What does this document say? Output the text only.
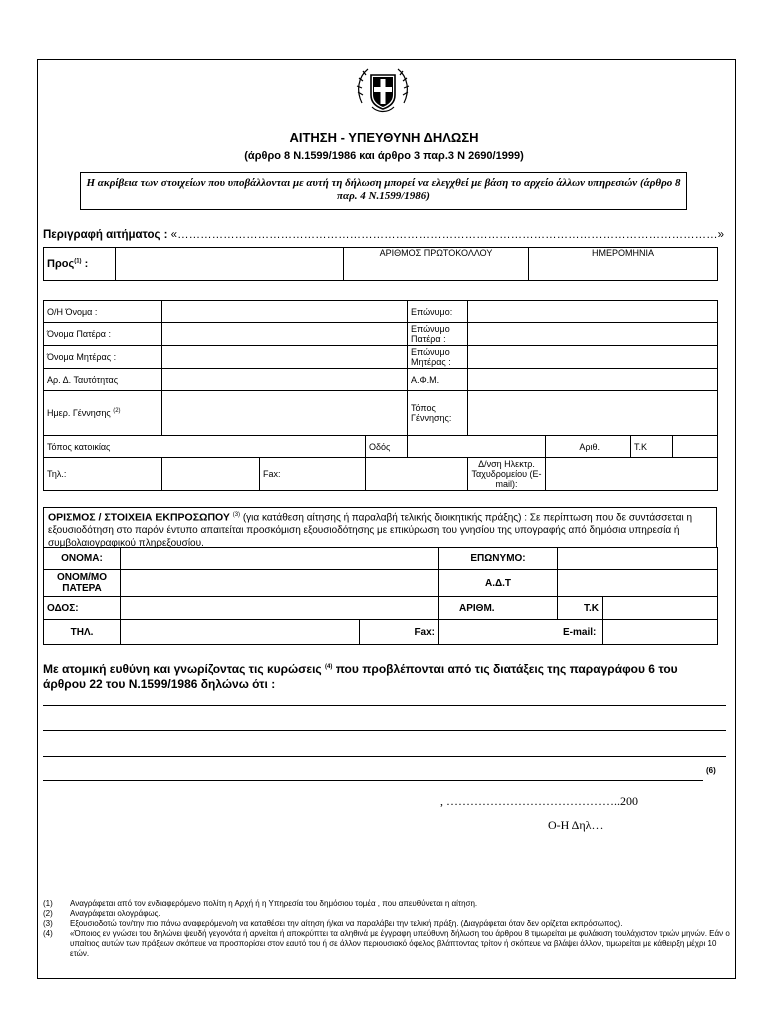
ΑΙΤΗΣΗ - ΥΠΕΥΘΥΝΗ ΔΗΛΩΣΗ
(άρθρο 8 Ν.1599/1986 και άρθρο 3 παρ.3 Ν 2690/1999)
Η ακρίβεια των στοιχείων που υποβάλλονται με αυτή τη δήλωση μπορεί να ελεγχθεί με βάση το αρχείο άλλων υπηρεσιών (άρθρο 8 παρ. 4 Ν.1599/1986)
Περιγραφή αιτήματος : «……………………………………………………………………………………………………………………………»
Προς$^{(1)}$ :		ΑΡΙΘΜΟΣ ΠΡΩΤΟΚΟΛΛΟΥ	ΗΜΕΡΟΜΗΝΙΑ
Ο/Η Όνομα :				Επώνυμο:				
Όνομα Πατέρα :				Επώνυμο Πατέρα :				
Όνομα Μητέρας :				Επώνυμο Μητέρας :				
Αρ. Δ. Ταυτότητας				Α.Φ.Μ.				
Ημερ. Γέννησης $^{(2)}$				Τόπος Γέννησης:				
Τόπος κατοικίας			Οδός			Αριθ.	Τ.Κ	
Τηλ.:		Fax:			Δ/νση Ηλεκτρ. Ταχυδρομείου (E-mail):			
ΟΡΙΣΜΟΣ / ΣΤΟΙΧΕΙΑ ΕΚΠΡΟΣΩΠΟΥ $^{(3)}$ (για κατάθεση αίτησης ή παραλαβή τελικής διοικητικής πράξης) : Σε περίπτωση που δε συντάσσεται η εξουσιοδότηση στο παρόν έντυπο απαιτείται προσκόμιση εξουσιοδότησης με επικύρωση του γνησίου της υπογραφής από δημόσια υπηρεσία ή συμβολαιογραφικού πληρεξουσίου.
ΟΝΟΜΑ:			ΕΠΩΝΥΜΟ:		
ΟΝΟΜ/ΜΟ ΠΑΤΕΡΑ			Α.Δ.Τ		
ΟΔΟΣ:			ΑΡΙΘΜ.	Τ.Κ	
ΤΗΛ.		Fax:			E-mail:
Με ατομική ευθύνη και γνωρίζοντας τις κυρώσεις $^{(4)}$ που προβλέπονται από τις διατάξεις της παραγράφου 6 του άρθρου 22 του Ν.1599/1986 δηλώνω ότι :
(6)
, ……………………………………..200
Ο-Η Δηλ…
(1)	Αναγράφεται από τον ενδιαφερόμενο πολίτη η Αρχή ή η Υπηρεσία του δημόσιου τομέα , που απευθύνεται η αίτηση.
(2)	Αναγράφεται ολογράφως.
(3)	Εξουσιοδοτώ τον/την πιο πάνω αναφερόμενο/η να καταθέσει την αίτηση ή/και να παραλάβει την τελική πράξη. (Διαγράφεται όταν δεν ορίζεται εκπρόσωπος).
(4)	«Όποιος εν γνώσει του δηλώνει ψευδή γεγονότα ή αρνείται ή αποκρύπτει τα αληθινά με έγγραφη υπεύθυνη δήλωση του άρθρου 8 τιμωρείται με φυλάκιση τουλάχιστον τριών μηνών. Εάν ο υπαίτιος αυτών των πράξεων σκόπευε να προσπορίσει στον εαυτό του ή σε άλλον περιουσιακό όφελος βλάπτοντας τρίτον ή σκόπευε να βλάψει άλλον, τιμωρείται με κάθειρξη μέχρι 10 ετών.
